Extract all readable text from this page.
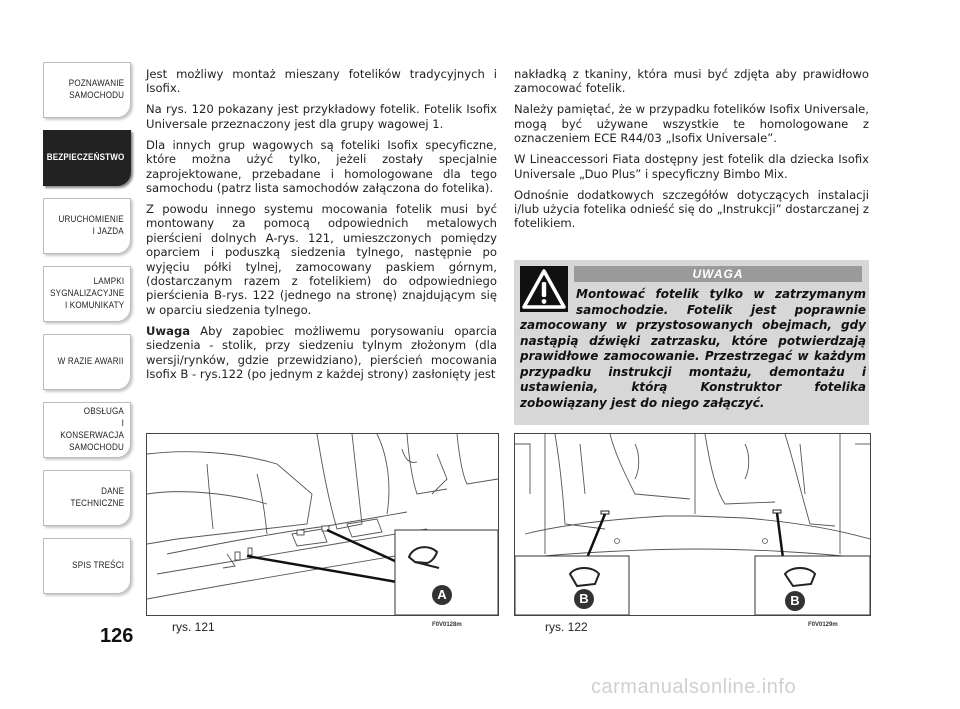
POZNAWANIE
SAMOCHODU
BEZPIECZEŃSTWO
URUCHOMIENIE
I JAZDA
LAMPKI
SYGNALIZACYJNE
I KOMUNIKATY
W RAZIE AWARII
OBSŁUGA
I KONSERWACJA
SAMOCHODU
DANE
TECHNICZNE
SPIS TREŚCI
126

Jest możliwy montaż mieszany fotelików tradycyjnych i Isofix.

Na rys. 120 pokazany jest przykładowy fotelik. Fotelik Isofix Universale przeznaczony jest dla grupy wagowej 1.

Dla innych grup wagowych są foteliki Isofix specyficzne, które można użyć tylko, jeżeli zostały specjalnie zaprojektowane, przebadane i homologowane dla tego samochodu (patrz lista samochodów załączona do fotelika).

Z powodu innego systemu mocowania fotelik musi być montowany za pomocą odpowiednich metalowych pierścieni dolnych A-rys. 121, umieszczonych pomiędzy oparciem i poduszką siedzenia tylnego, następnie po wyjęciu półki tylnej, zamocowany paskiem górnym, (dostarczanym razem z fotelikiem) do odpowiedniego pierścienia B-rys. 122 (jednego na stronę) znajdującym się w oparciu siedzenia tylnego.

Uwaga Aby zapobiec możliwemu porysowaniu oparcia siedzenia - stolik, przy siedzeniu tylnym złożonym (dla wersji/rynków, gdzie przewidziano), pierścień mocowania Isofix B - rys.122 (po jednym z każdej strony) zasłonięty jest

nakładką z tkaniny, która musi być zdjęta aby prawidłowo zamocować fotelik.

Należy pamiętać, że w przypadku fotelików Isofix Universale, mogą być używane wszystkie te homologowane z oznaczeniem ECE R44/03 „Isofix Universale”.

W Lineaccessori Fiata dostępny jest fotelik dla dziecka Isofix Universale „Duo Plus” i specyficzny Bimbo Mix.

Odnośnie dodatkowych szczegółów dotyczących instalacji i/lub użycia fotelika odnieść się do „Instrukcji” dostarczanej z fotelikiem.

UWAGA
Montować fotelik tylko w zatrzymanym samochodzie. Fotelik jest poprawnie zamocowany w przystosowanych obejmach, gdy nastąpią dźwięki zatrzasku, które potwierdzają prawidłowe zamocowanie. Przestrzegać w każdym przypadku instrukcji montażu, demontażu i ustawienia, którą Konstruktor fotelika zobowiązany jest do niego załączyć.
A
rys. 121	F0V0128m
B	B
rys. 122	F0V0129m
carmanualsonline.info
